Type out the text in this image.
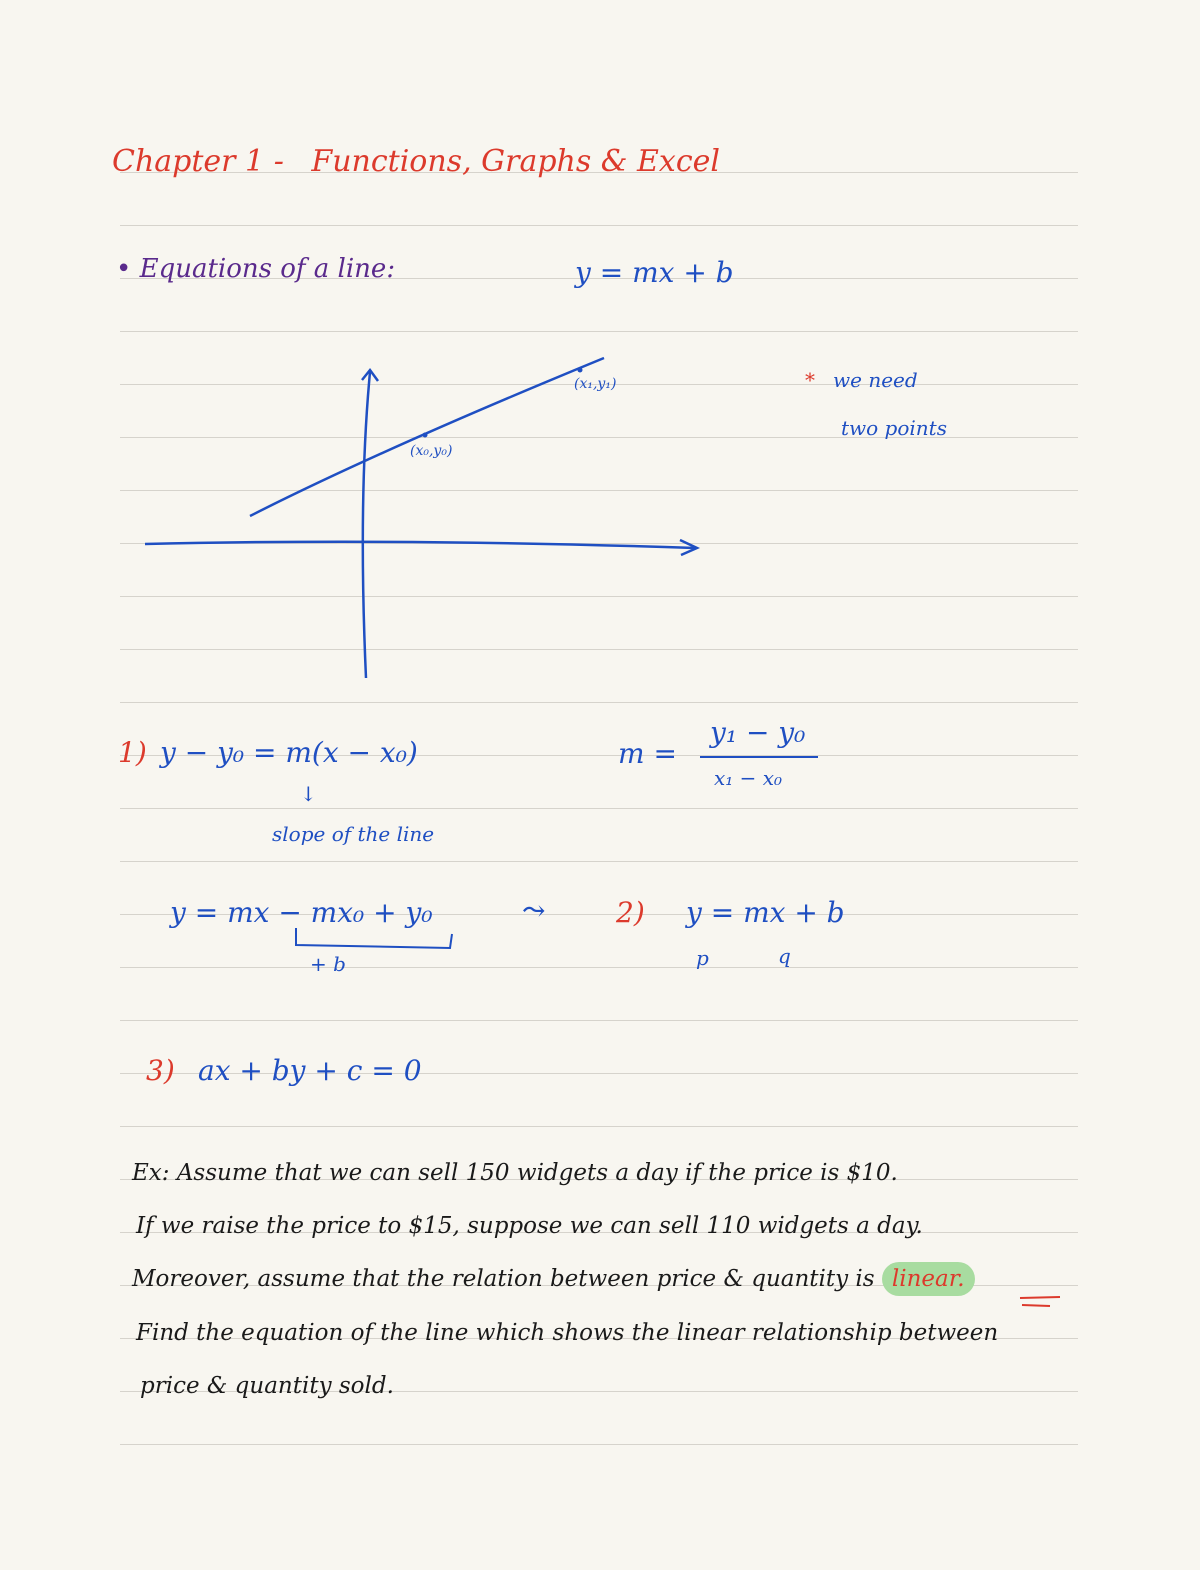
Chapter 1 - Functions, Graphs & Excel
• Equations of a line:	y = mx + b
(x₀,y₀)
(x₁,y₁)	* we need
two points
1) y − y₀ = m(x − x₀)
↓
slope of the line
m =
y₁ − y₀
x₁ − x₀
y = mx − mx₀ + y₀
+ b
⤳	2) y = mx + b
p	q
3) ax + by + c = 0
Ex: Assume that we can sell 150 widgets a day if the price is $10.
If we raise the price to $15, suppose we can sell 110 widgets a day.
Moreover, assume that the relation between price & quantity is linear.
Find the equation of the line which shows the linear relationship between
price & quantity sold.
